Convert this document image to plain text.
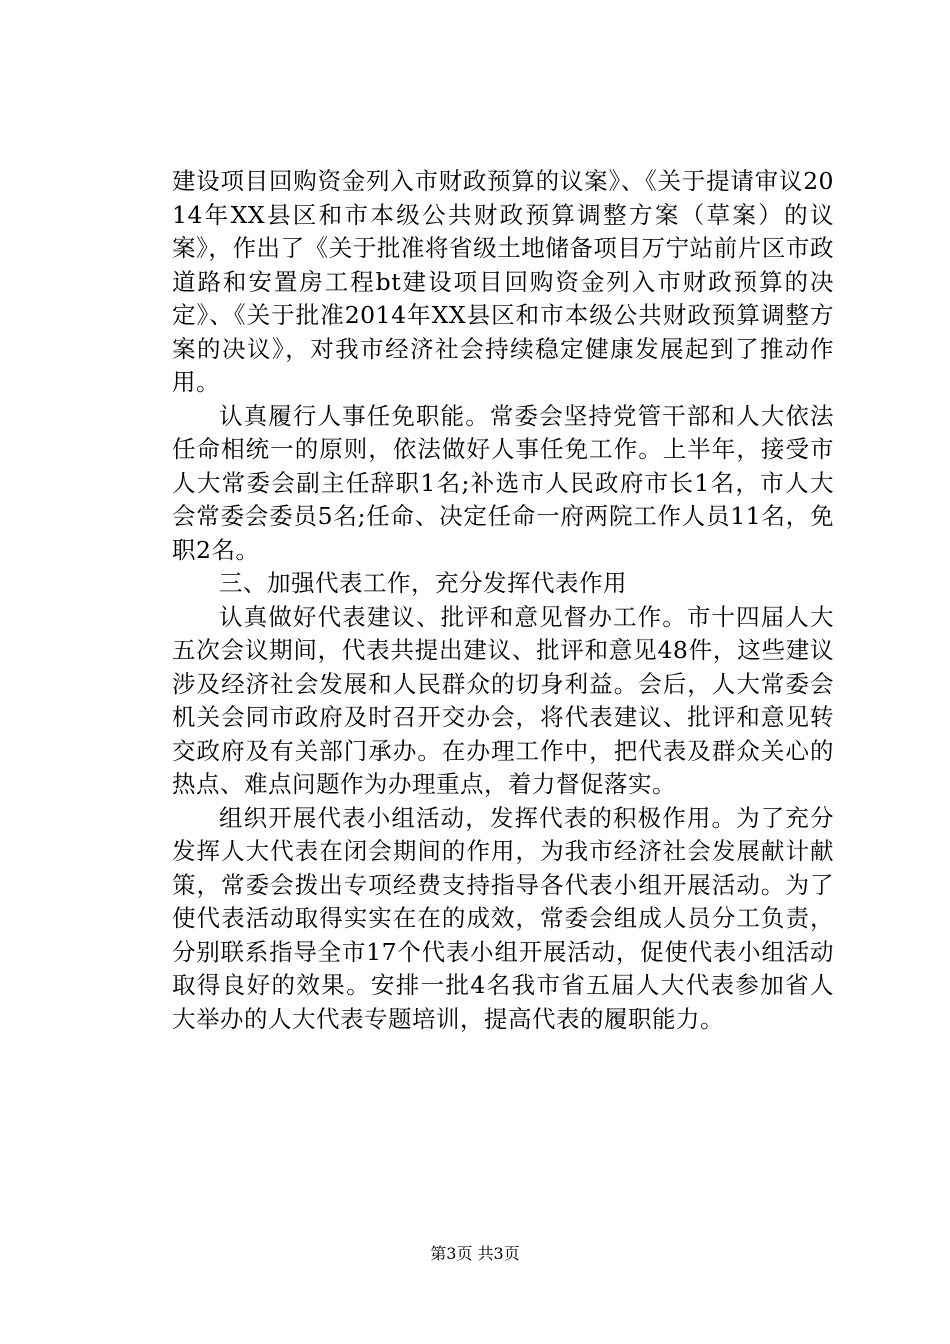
建设项目回购资金列入市财政预算的议案》、《关于提请审议2014年XX县区和市本级公共财政预算调整方案（草案）的议案》，作出了《关于批准将省级土地储备项目万宁站前片区市政道路和安置房工程bt建设项目回购资金列入市财政预算的决定》、《关于批准2014年XX县区和市本级公共财政预算调整方案的决议》，对我市经济社会持续稳定健康发展起到了推动作用。

认真履行人事任免职能。常委会坚持党管干部和人大依法任命相统一的原则，依法做好人事任免工作。上半年，接受市人大常委会副主任辞职1名;补选市人民政府市长1名，市人大会常委会委员5名;任命、决定任命一府两院工作人员11名，免职2名。

三、加强代表工作，充分发挥代表作用

认真做好代表建议、批评和意见督办工作。市十四届人大五次会议期间，代表共提出建议、批评和意见48件，这些建议涉及经济社会发展和人民群众的切身利益。会后，人大常委会机关会同市政府及时召开交办会，将代表建议、批评和意见转交政府及有关部门承办。在办理工作中，把代表及群众关心的热点、难点问题作为办理重点，着力督促落实。

组织开展代表小组活动，发挥代表的积极作用。为了充分发挥人大代表在闭会期间的作用，为我市经济社会发展献计献策，常委会拨出专项经费支持指导各代表小组开展活动。为了使代表活动取得实实在在的成效，常委会组成人员分工负责，分别联系指导全市17个代表小组开展活动，促使代表小组活动取得良好的效果。安排一批4名我市省五届人大代表参加省人大举办的人大代表专题培训，提高代表的履职能力。

第3页 共3页
